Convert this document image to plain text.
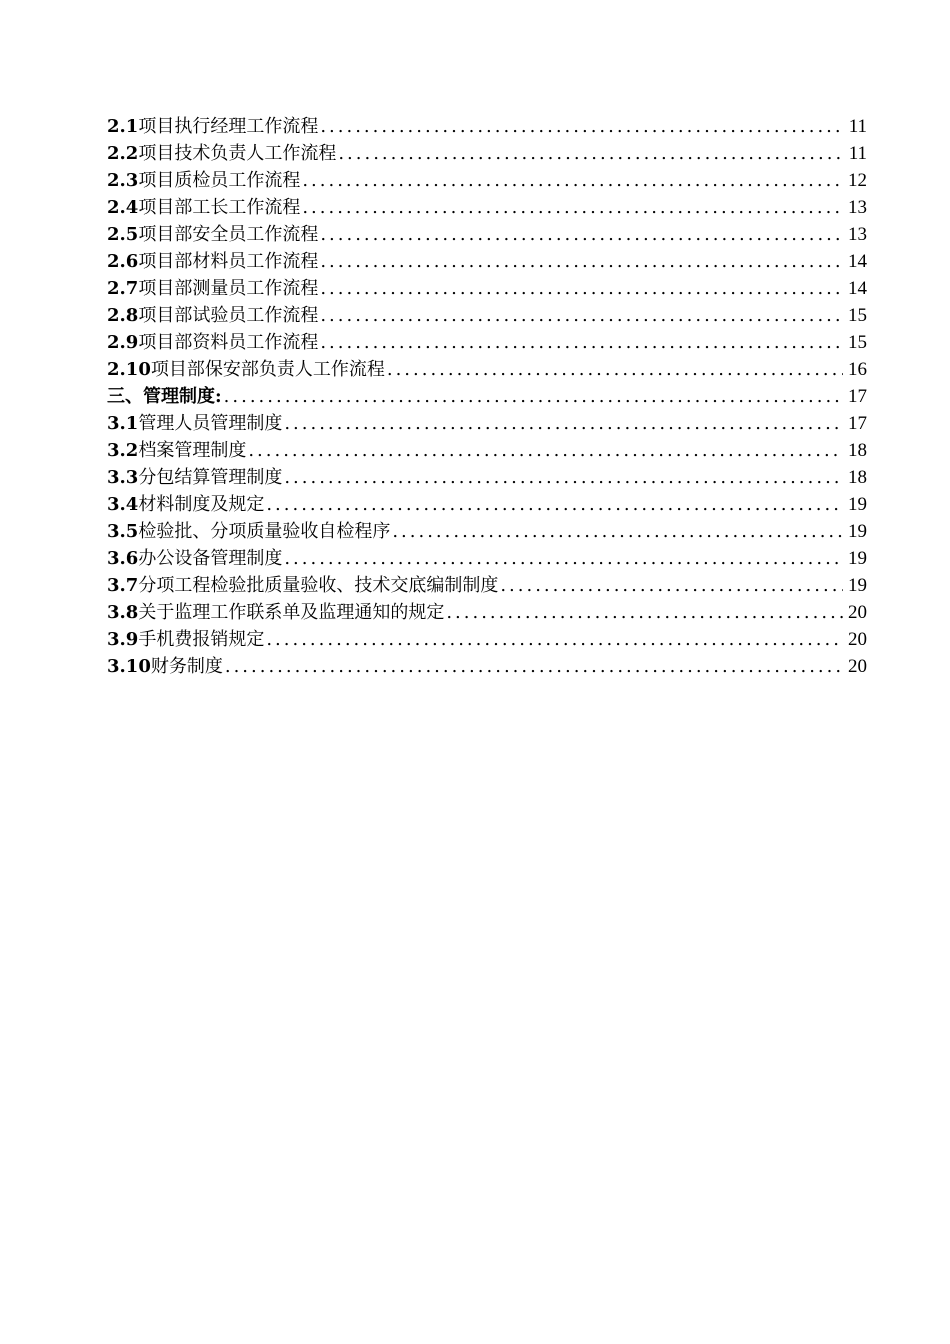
2.1 项目执行经理工作流程 .....	11
2.2 项目技术负责人工作流程 .....	11
2.3 项目质检员工作流程 .....	12
2.4 项目部工长工作流程 .....	13
2.5 项目部安全员工作流程 .....	13
2.6 项目部材料员工作流程 .....	14
2.7 项目部测量员工作流程 .....	14
2.8 项目部试验员工作流程 .....	15
2.9 项目部资料员工作流程 .....	15
2.10 项目部保安部负责人工作流程 .....	16
三、 管理制度: .....	17
3.1 管理人员管理制度 .....	17
3.2 档案管理制度 .....	18
3.3 分包结算管理制度 .....	18
3.4 材料制度及规定 .....	19
3.5 检验批、分项质量验收自检程序 .....	19
3.6 办公设备管理制度 .....	19
3.7 分项工程检验批质量验收、技术交底编制制度 .....	19
3.8 关于监理工作联系单及监理通知的规定 .....	20
3.9 手机费报销规定 .....	20
3.10 财务制度 .....	20
